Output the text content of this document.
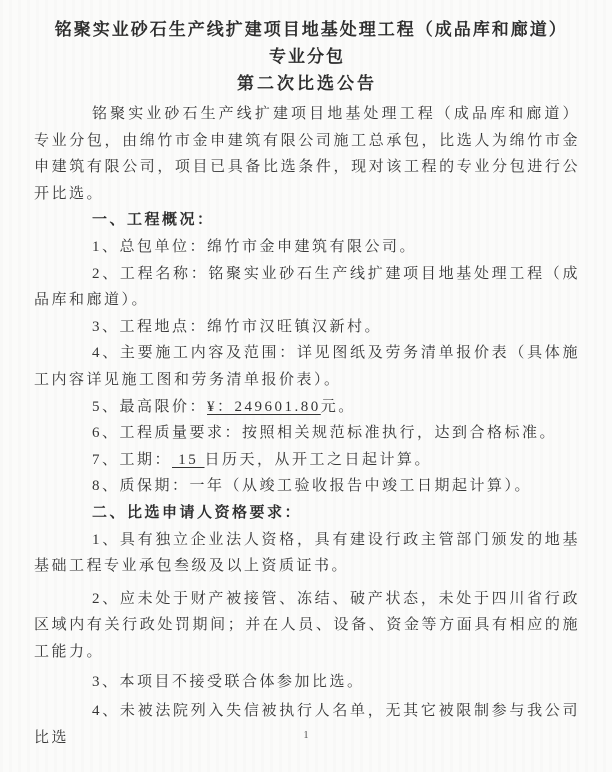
铭聚实业砂石生产线扩建项目地基处理工程（成品库和廊道）专业分包
第二次比选公告

铭聚实业砂石生产线扩建项目地基处理工程（成品库和廊道）专业分包，由绵竹市金申建筑有限公司施工总承包，比选人为绵竹市金申建筑有限公司，项目已具备比选条件，现对该工程的专业分包进行公开比选。

一、工程概况：

1、总包单位：绵竹市金申建筑有限公司。

2、工程名称：铭聚实业砂石生产线扩建项目地基处理工程（成品库和廊道）。

3、工程地点：绵竹市汉旺镇汉新村。

4、主要施工内容及范围：详见图纸及劳务清单报价表（具体施工内容详见施工图和劳务清单报价表）。

5、最高限价：¥：249601.80元。

6、工程质量要求：按照相关规范标准执行，达到合格标准。

7、工期： 15 日历天，从开工之日起计算。

8、质保期：一年（从竣工验收报告中竣工日期起计算）。

二、比选申请人资格要求：

1、具有独立企业法人资格，具有建设行政主管部门颁发的地基基础工程专业承包叁级及以上资质证书。

2、应未处于财产被接管、冻结、破产状态，未处于四川省行政区域内有关行政处罚期间；并在人员、设备、资金等方面具有相应的施工能力。

3、本项目不接受联合体参加比选。

4、未被法院列入失信被执行人名单，无其它被限制参与我公司比选	1
